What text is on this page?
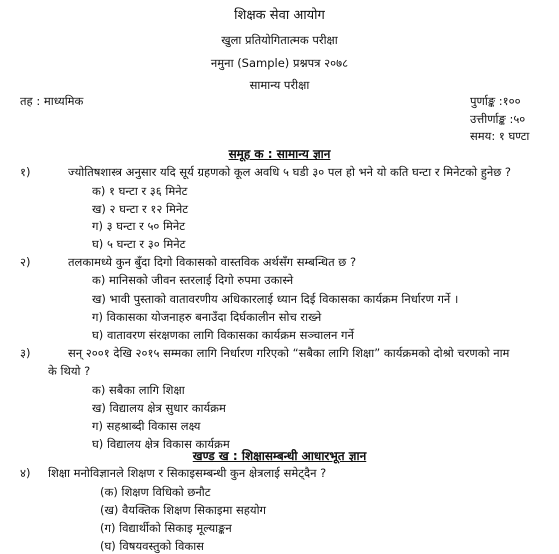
शिक्षक सेवा आयोग
खुला प्रतियोगितात्मक परीक्षा
नमुना (Sample) प्रश्नपत्र २०७८
सामान्य परीक्षा
तह : माध्यमिक	पुर्णाङ्क :१००
उत्तीर्णाङ्क :५०
समय: १ घण्टा
समूह क : सामान्य ज्ञान
१)	ज्योतिषशास्त्र अनुसार यदि सूर्य ग्रहणको कूल अवधि ५ घडी ३० पल हो भने यो कति घन्टा र मिनेटको हुनेछ ?
क) १ घन्टा र ३६ मिनेट
ख) २ घन्टा र १२ मिनेट
ग) ३ घन्टा र ५० मिनेट
घ) ५ घन्टा र ३० मिनेट
२)	तलकामध्ये कुन बुँदा दिगो विकासको वास्तविक अर्थसँग सम्बन्धित छ ?
क) मानिसको जीवन स्तरलाई दिगो रुपमा उकास्ने
ख) भावी पुस्ताको वातावरणीय अधिकारलाई ध्यान दिई विकासका कार्यक्रम निर्धारण गर्ने ।
ग) विकासका योजनाहरु बनाउँदा दिर्घकालीन सोच राख्ने
घ) वातावरण संरक्षणका लागि विकासका कार्यक्रम सञ्चालन गर्ने
३)	सन् २००१ देखि २०१५ सम्मका लागि निर्धारण गरिएको “सबैका लागि शिक्षा” कार्यक्रमको दोश्रो चरणको नाम
के थियो ?
क) सबैका लागि शिक्षा
ख) विद्यालय क्षेत्र सुधार कार्यक्रम
ग) सहश्राब्दी विकास लक्ष्य
घ) विद्यालय क्षेत्र विकास कार्यक्रम
खण्ड ख : शिक्षासम्बन्धी आधारभूत ज्ञान
४) शिक्षा मनोविज्ञानले शिक्षण र सिकाइसम्बन्धी कुन क्षेत्रलाई समेट्दैन ?
(क) शिक्षण विधिको छनौट
(ख) वैयक्तिक शिक्षण सिकाइमा सहयोग
(ग) विद्यार्थीको सिकाइ मूल्याङ्कन
(घ) विषयवस्तुको विकास
